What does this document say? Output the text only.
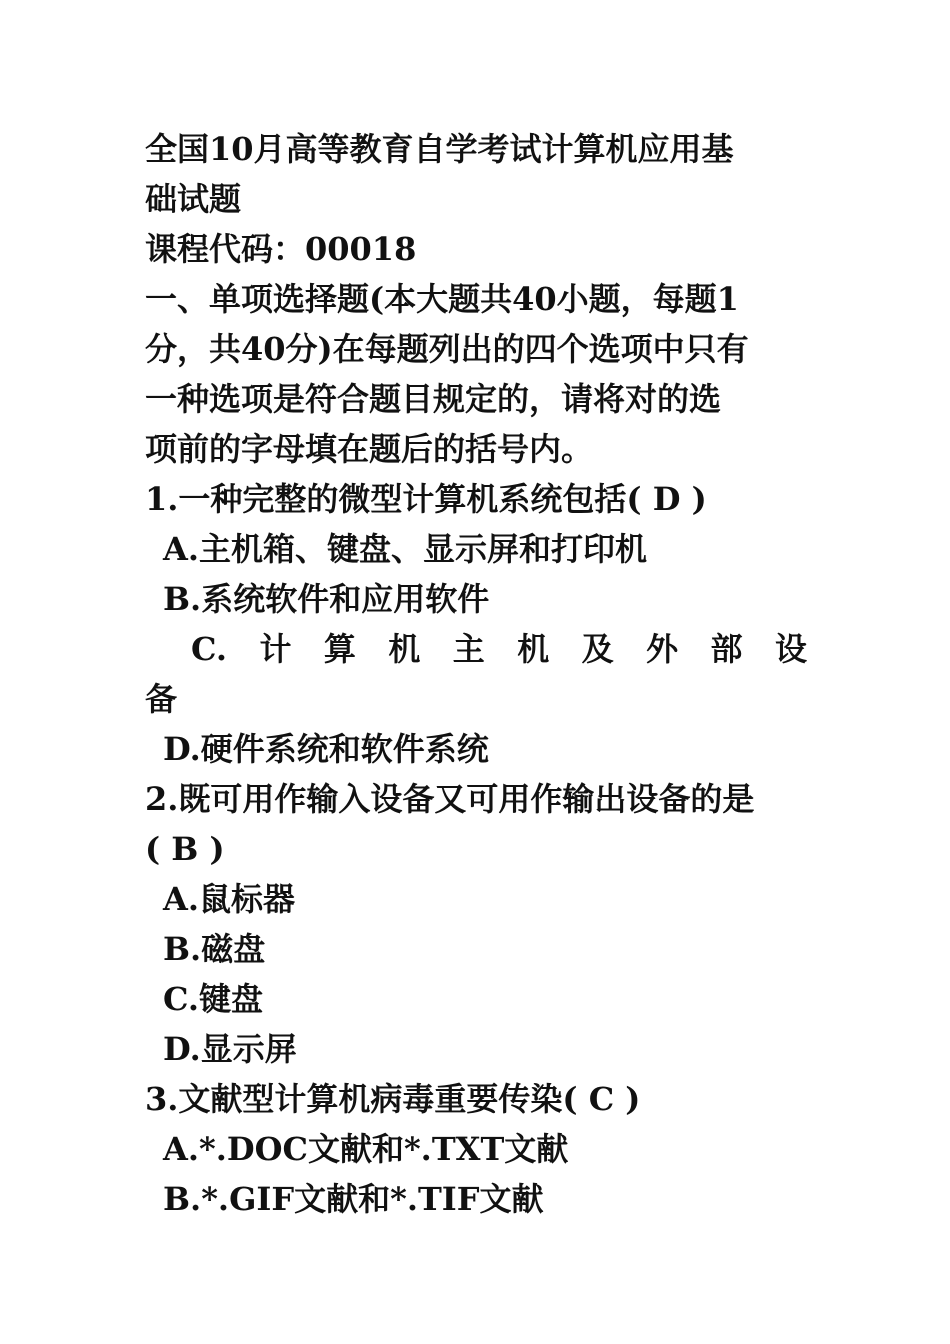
全国10月高等教育自学考试计算机应用基
础试题
课程代码：00018
一、单项选择题(本大题共40小题，每题1
分，共40分)在每题列出的四个选项中只有
一种选项是符合题目规定的，请将对的选
项前的字母填在题后的括号内。
1.一种完整的微型计算机系统包括( D )
A.主机箱、键盘、显示屏和打印机
B.系统软件和应用软件
C. 计 算 机 主 机 及 外 部 设
备
D.硬件系统和软件系统
2.既可用作输入设备又可用作输出设备的是
( B )
A.鼠标器
B.磁盘
C.键盘
D.显示屏
3.文献型计算机病毒重要传染( C )
A.*.DOC文献和*.TXT文献
B.*.GIF文献和*.TIF文献
